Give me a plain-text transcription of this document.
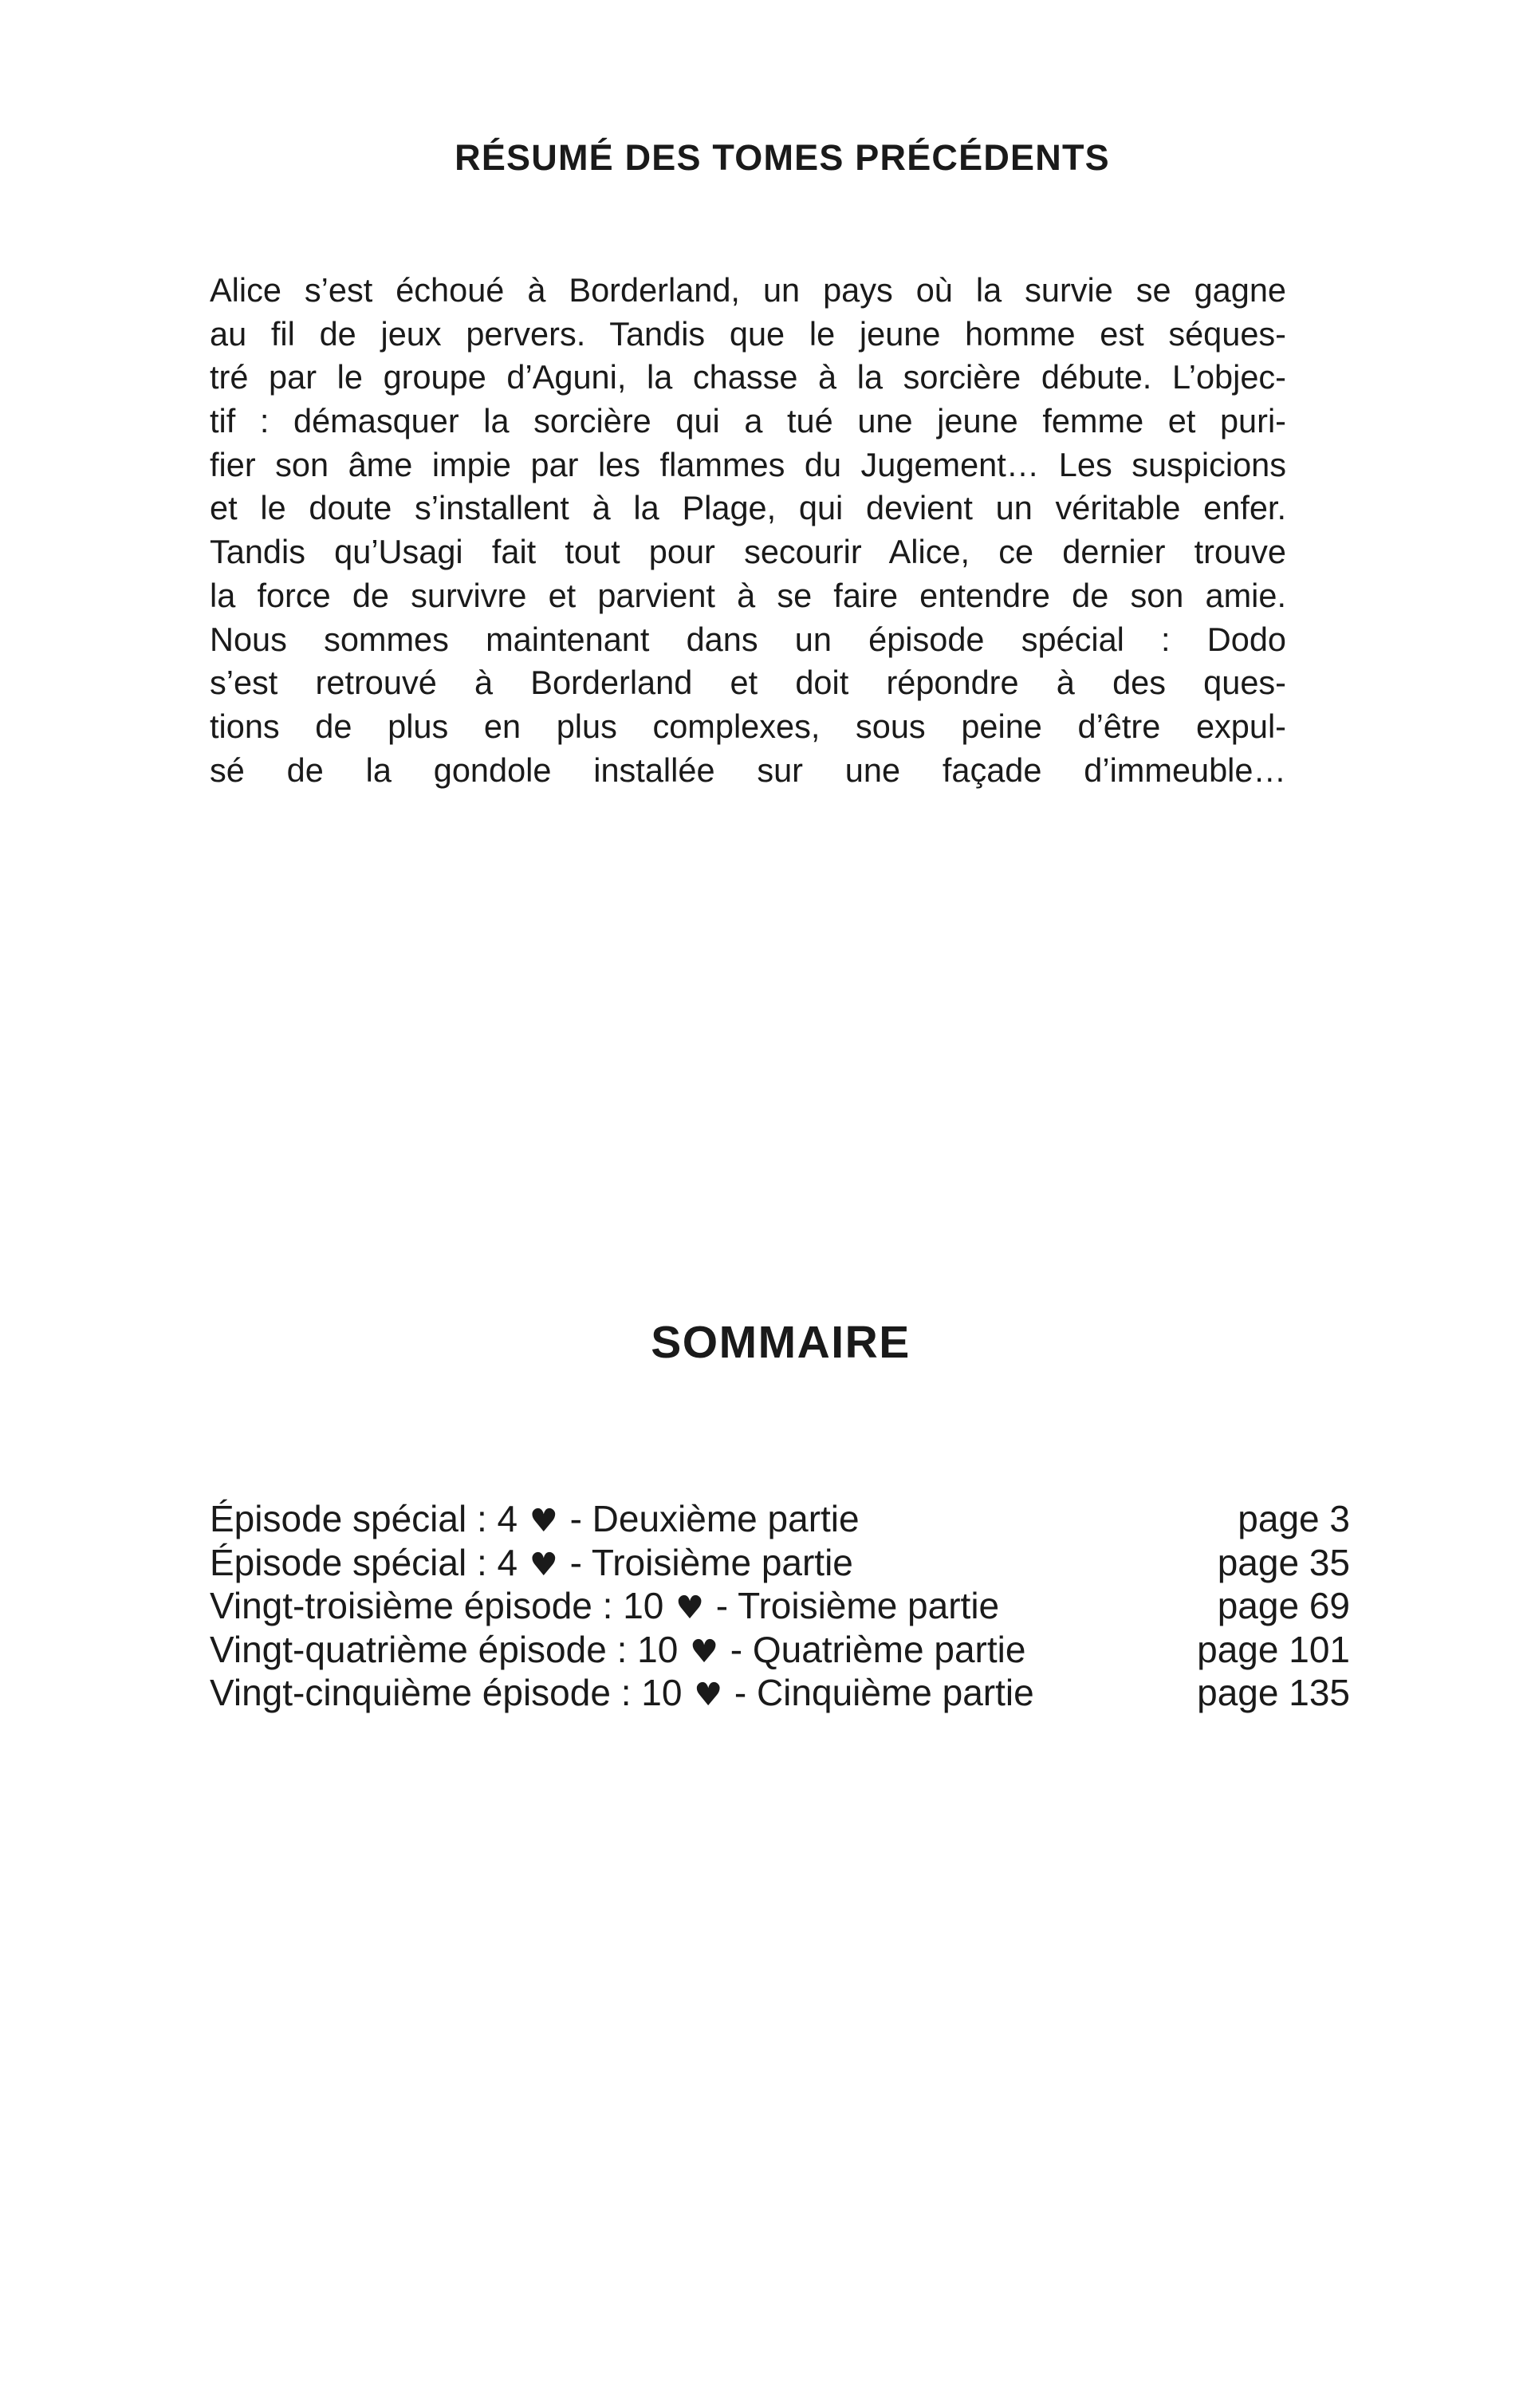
RÉSUMÉ DES TOMES PRÉCÉDENTS
Alice s’est échoué à Borderland, un pays où la survie se gagne
au fil de jeux pervers. Tandis que le jeune homme est séques-
tré par le groupe d’Aguni, la chasse à la sorcière débute. L’objec-
tif : démasquer la sorcière qui a tué une jeune femme et puri-
fier son âme impie par les flammes du Jugement… Les suspicions
et le doute s’installent à la Plage, qui devient un véritable enfer.
Tandis qu’Usagi fait tout pour secourir Alice, ce dernier trouve
la force de survivre et parvient à se faire entendre de son amie.
Nous sommes maintenant dans un épisode spécial : Dodo
s’est retrouvé à Borderland et doit répondre à des ques-
tions de plus en plus complexes, sous peine d’être expul-
sé de la gondole installée sur une façade d’immeuble…
SOMMAIRE
Épisode spécial : 4 ♥ - Deuxième partie	page 3
Épisode spécial : 4 ♥ - Troisième partie	page 35
Vingt-troisième épisode : 10 ♥ - Troisième partie	page 69
Vingt-quatrième épisode : 10 ♥ - Quatrième partie	page 101
Vingt-cinquième épisode : 10 ♥ - Cinquième partie	page 135
